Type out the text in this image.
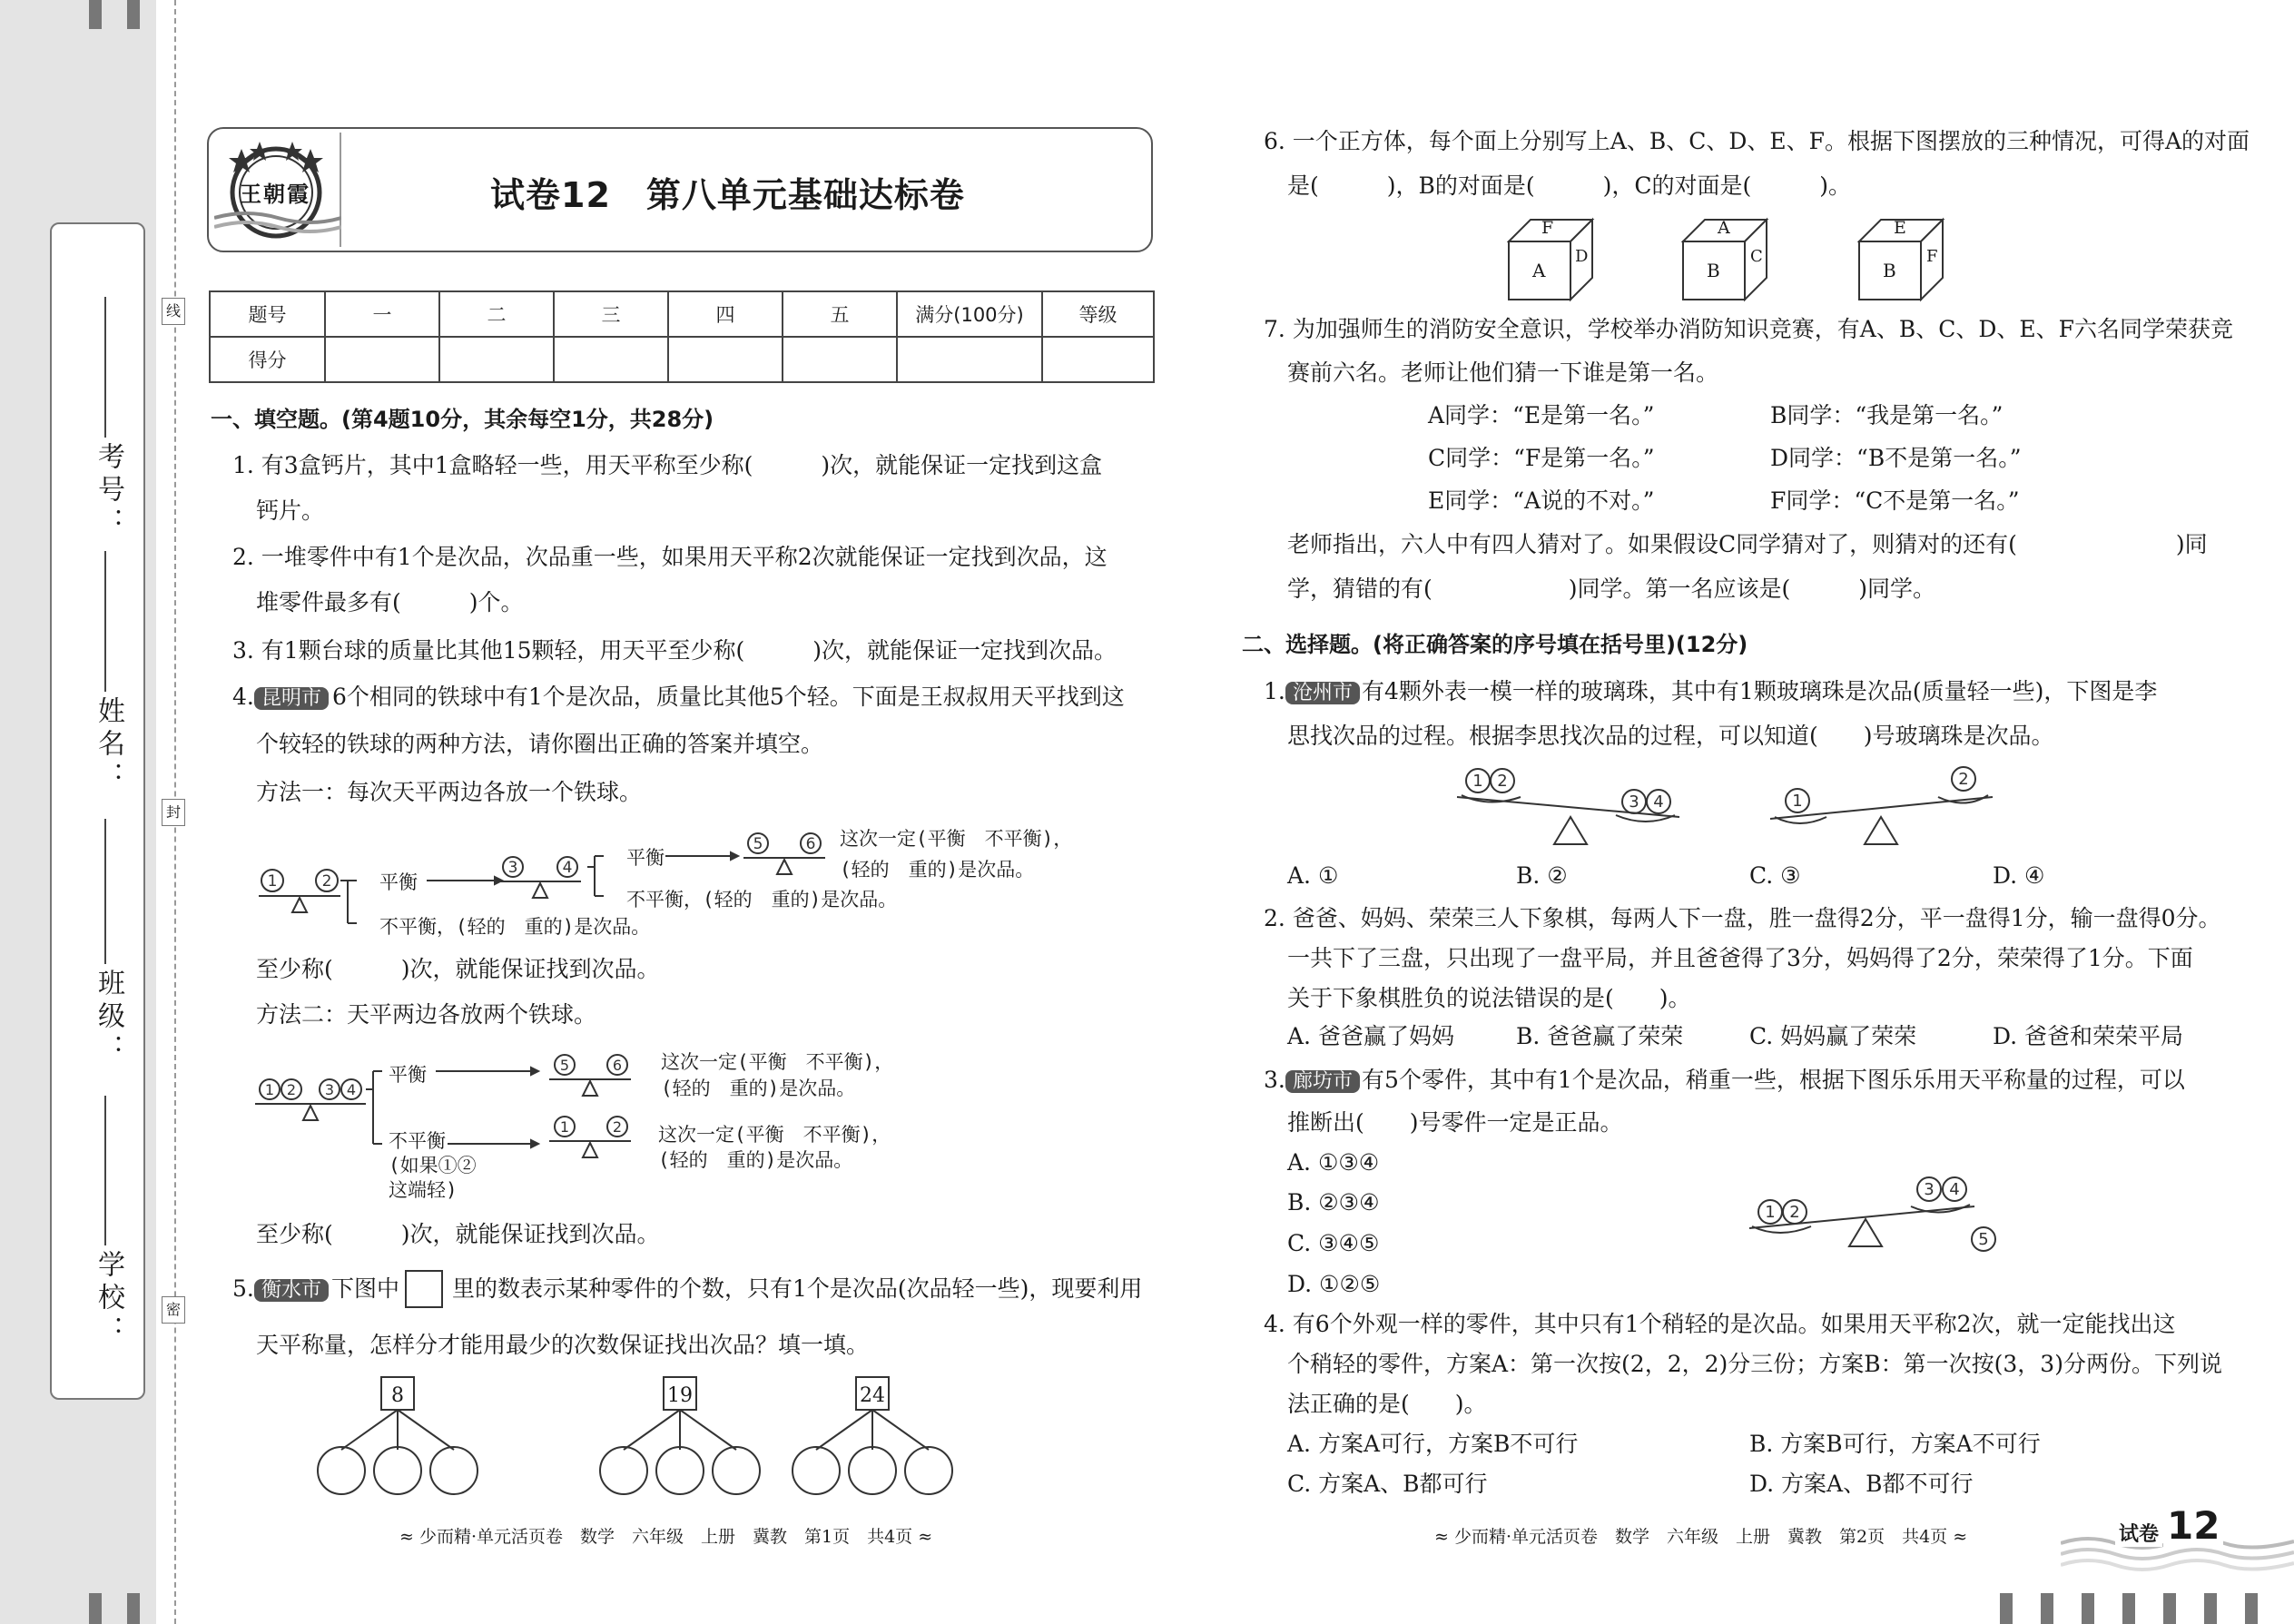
考号：
姓名：
班级：
学校：
线
封
密
王朝霞	试卷12　第八单元基础达标卷
题号	一	二	三	四	五	满分(100分)	等级
得分							
一、填空题。(第4题10分，其余每空1分，共28分)
1. 有3盒钙片，其中1盒略轻一些，用天平称至少称(　　　)次，就能保证一定找到这盒
钙片。
2. 一堆零件中有1个是次品，次品重一些，如果用天平称2次就能保证一定找到次品，这
堆零件最多有(　　　)个。
3. 有1颗台球的质量比其他15颗轻，用天平至少称(　　　)次，就能保证一定找到次品。
4. 昆明市 6个相同的铁球中有1个是次品，质量比其他5个轻。下面是王叔叔用天平找到这
个较轻的铁球的两种方法，请你圈出正确的答案并填空。
方法一：每次天平两边各放一个铁球。
1	2
3	4
5	6
平衡
不平衡，(轻的　重的)是次品。
平衡
不平衡，(轻的　重的)是次品。
这次一定(平衡　不平衡)，
(轻的　重的)是次品。
至少称(　　　)次，就能保证找到次品。
方法二：天平两边各放两个铁球。
1 2 3 4
5	6
1	2
平衡
不平衡
(如果①②
这端轻)
这次一定(平衡　不平衡)，
(轻的　重的)是次品。
这次一定(平衡　不平衡)，
(轻的　重的)是次品。
至少称(　　　)次，就能保证找到次品。
5. 衡水市 下图中 里的数表示某种零件的个数，只有1个是次品(次品轻一些)，现要利用
天平称量，怎样分才能用最少的次数保证找出次品？填一填。
8	19	24
≈ 少而精·单元活页卷　数学　六年级　上册　冀教　第1页　共4页 ≈
6. 一个正方体，每个面上分别写上A、B、C、D、E、F。根据下图摆放的三种情况，可得A的对面
是(　　　)，B的对面是(　　　)，C的对面是(　　　)。
F
A
D
A
B
C
E
B
F
7. 为加强师生的消防安全意识，学校举办消防知识竞赛，有A、B、C、D、E、F六名同学荣获竞
赛前六名。老师让他们猜一下谁是第一名。
A同学：“E是第一名。”	B同学：“我是第一名。”
C同学：“F是第一名。”	D同学：“B不是第一名。”
E同学：“A说的不对。”	F同学：“C不是第一名。”
老师指出，六人中有四人猜对了。如果假设C同学猜对了，则猜对的还有(　　　　　　　)同
学，猜错的有(　　　　　　)同学。第一名应该是(　　　)同学。
二、选择题。(将正确答案的序号填在括号里)(12分)
1. 沧州市 有4颗外表一模一样的玻璃珠，其中有1颗玻璃珠是次品(质量轻一些)，下图是李
思找次品的过程。根据李思找次品的过程，可以知道(　　)号玻璃珠是次品。
1 2
3 4	1
2
A. ①	B. ②	C. ③	D. ④
2. 爸爸、妈妈、荣荣三人下象棋，每两人下一盘，胜一盘得2分，平一盘得1分，输一盘得0分。
一共下了三盘，只出现了一盘平局，并且爸爸得了3分，妈妈得了2分，荣荣得了1分。下面
关于下象棋胜负的说法错误的是(　　)。
A. 爸爸赢了妈妈	B. 爸爸赢了荣荣	C. 妈妈赢了荣荣	D. 爸爸和荣荣平局
3. 廊坊市 有5个零件，其中有1个是次品，稍重一些，根据下图乐乐用天平称量的过程，可以
推断出(　　)号零件一定是正品。
A. ①③④
B. ②③④
C. ③④⑤
D. ①②⑤
1 2
3 4
5
4. 有6个外观一样的零件，其中只有1个稍轻的是次品。如果用天平称2次，就一定能找出这
个稍轻的零件，方案A：第一次按(2，2，2)分三份；方案B：第一次按(3，3)分两份。下列说
法正确的是(　　)。
A. 方案A可行，方案B不可行	B. 方案B可行，方案A不可行
C. 方案A、B都可行	D. 方案A、B都不可行
≈ 少而精·单元活页卷　数学　六年级　上册　冀教　第2页　共4页 ≈	试卷 12
